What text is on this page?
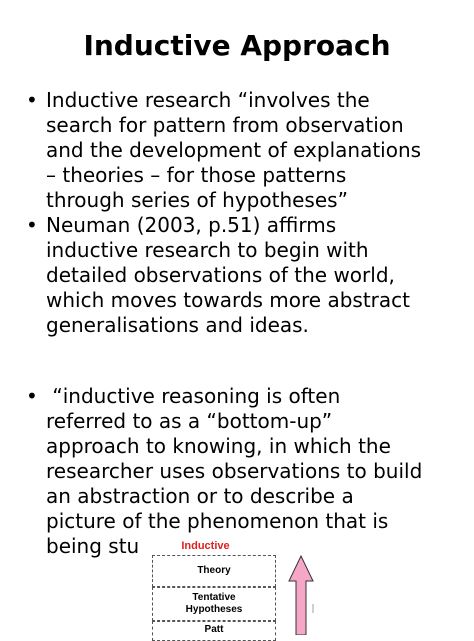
Inductive Approach
• Inductive research “involves the
search for pattern from observation
and the development of explanations
– theories – for those patterns
through series of hypotheses”
• Neuman (2003, p.51) affirms
inductive research to begin with
detailed observations of the world,
which moves towards more abstract
generalisations and ideas.
• “inductive reasoning is often
referred to as a “bottom-up”
approach to knowing, in which the
researcher uses observations to build
an abstraction or to describe a
picture of the phenomenon that is
being stu	Inductive
Theory
Tentative
Hypotheses
Patt
